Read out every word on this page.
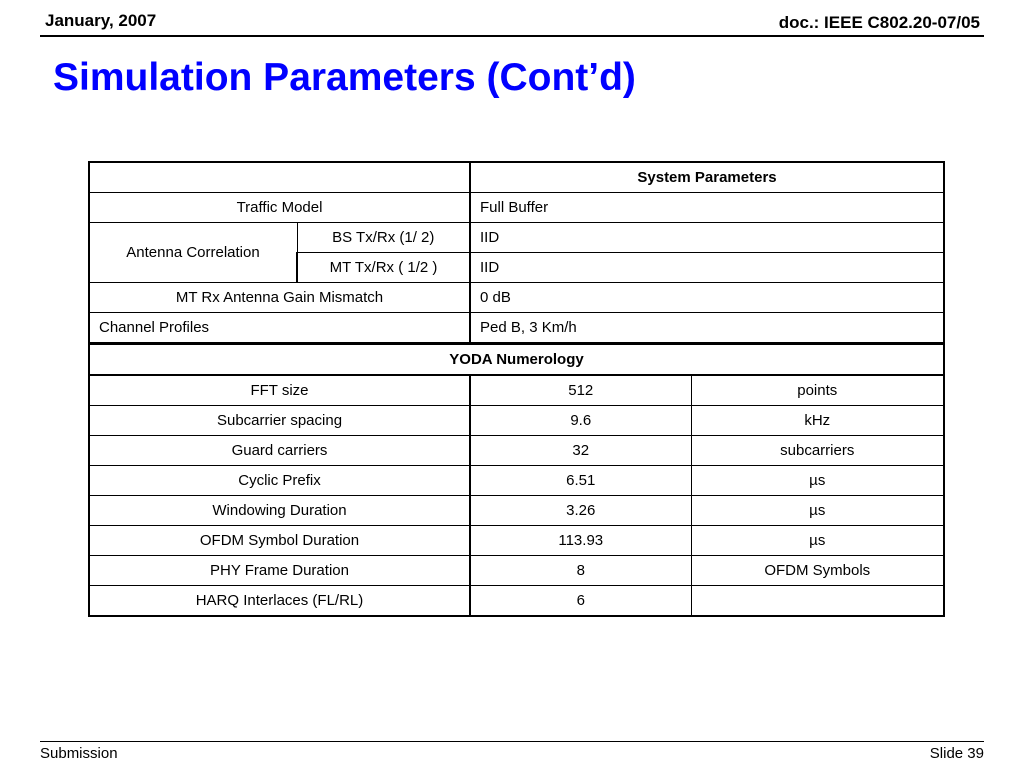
January, 2007	doc.: IEEE C802.20-07/05
Simulation Parameters (Cont’d)
		System Parameters	
Traffic Model		Full Buffer	
Antenna Correlation	BS Tx/Rx (1/ 2)	IID	
	MT Tx/Rx ( 1/2 )	IID	
MT Rx Antenna Gain Mismatch		0 dB	
Channel Profiles		Ped B, 3 Km/h	
YODA Numerology			
FFT size		512	points
Subcarrier spacing		9.6	kHz
Guard carriers		32	subcarriers
Cyclic Prefix		6.51	µs
Windowing Duration		3.26	µs
OFDM Symbol Duration		113.93	µs
PHY Frame Duration		8	OFDM Symbols
HARQ Interlaces (FL/RL)		6	
Submission	Slide 39
